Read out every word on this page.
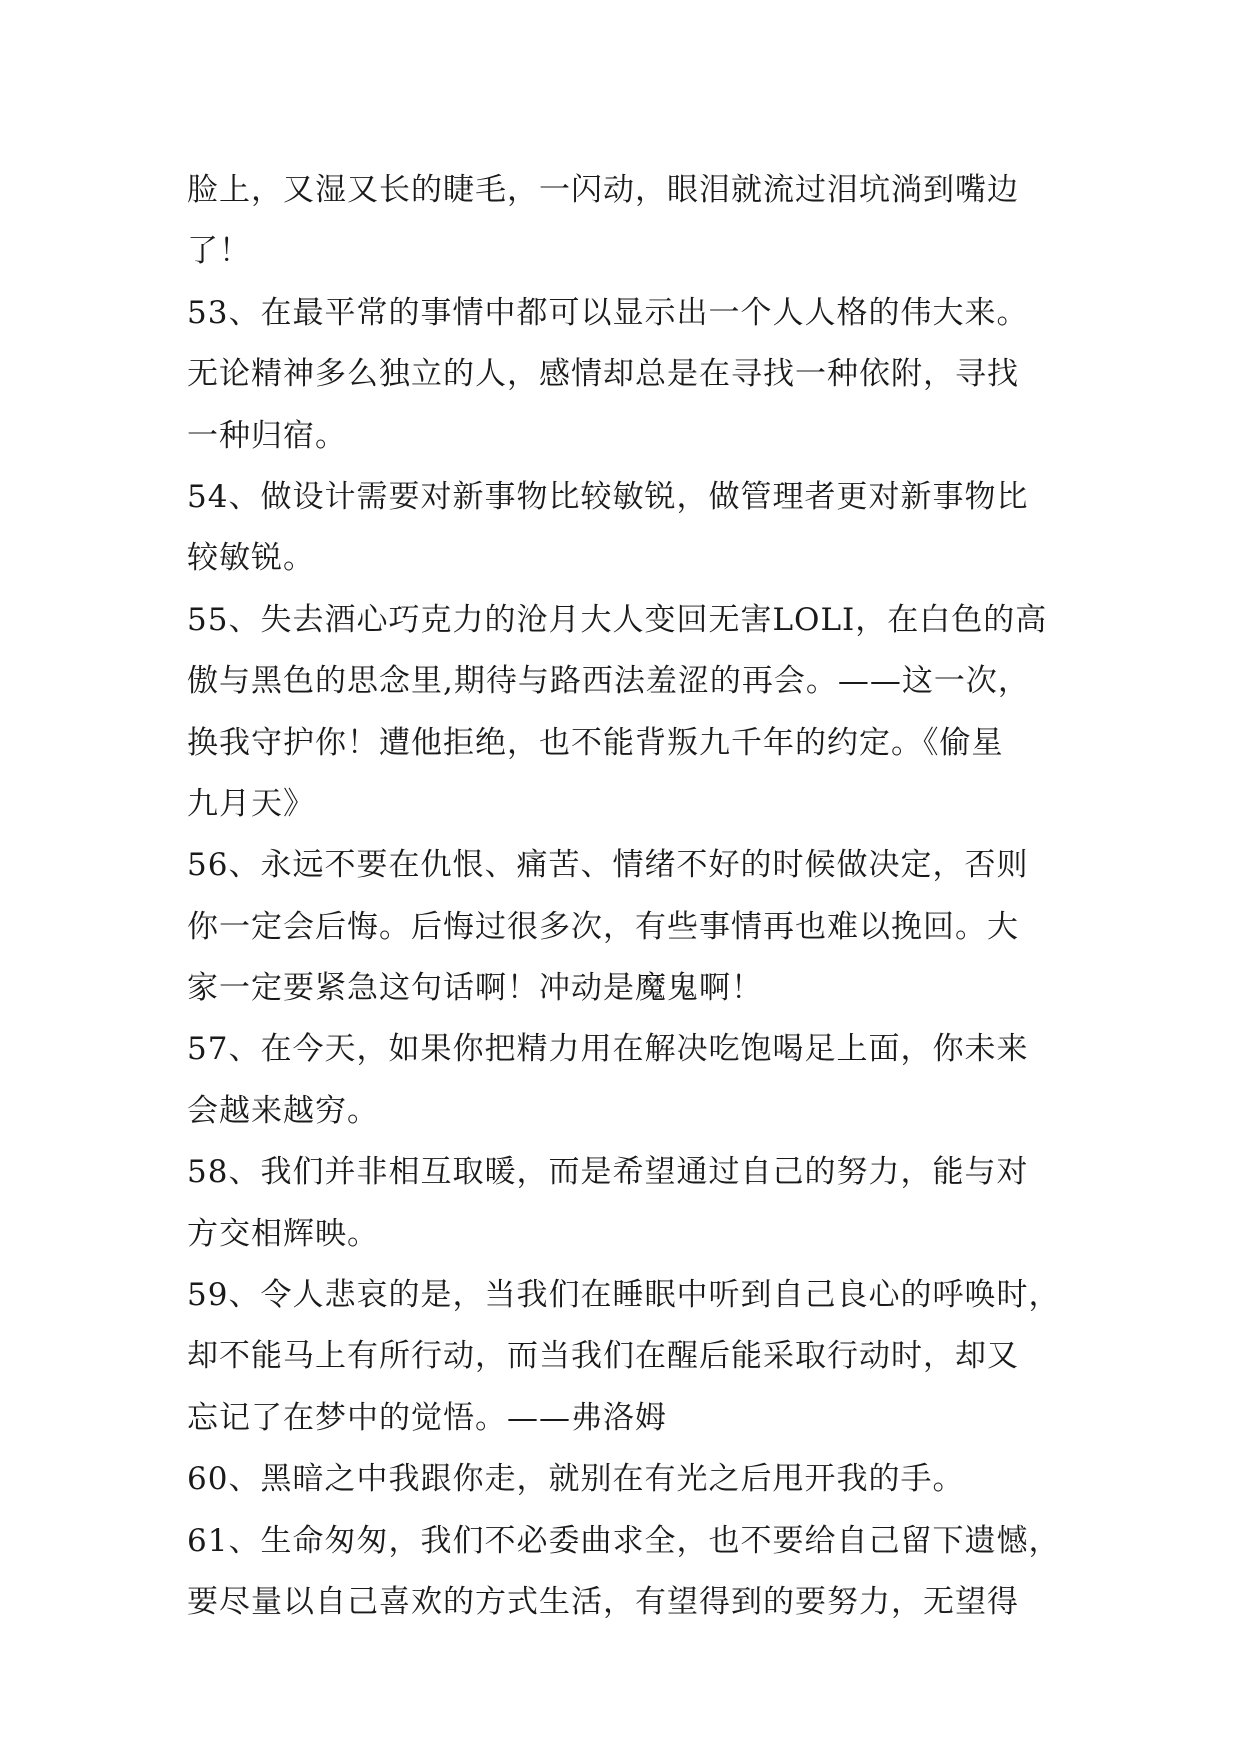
脸上，又湿又长的睫毛，一闪动，眼泪就流过泪坑淌到嘴边
了！
53、在最平常的事情中都可以显示出一个人人格的伟大来。
无论精神多么独立的人，感情却总是在寻找一种依附，寻找
一种归宿。
54、做设计需要对新事物比较敏锐，做管理者更对新事物比
较敏锐。
55、失去酒心巧克力的沧月大人变回无害LOLI，在白色的高
傲与黑色的思念里,期待与路西法羞涩的再会。——这一次，
换我守护你！遭他拒绝，也不能背叛九千年的约定。《偷星
九月天》
56、永远不要在仇恨、痛苦、情绪不好的时候做决定，否则
你一定会后悔。后悔过很多次，有些事情再也难以挽回。大
家一定要紧急这句话啊！冲动是魔鬼啊！
57、在今天，如果你把精力用在解决吃饱喝足上面，你未来
会越来越穷。
58、我们并非相互取暖，而是希望通过自己的努力，能与对
方交相辉映。
59、令人悲哀的是，当我们在睡眠中听到自己良心的呼唤时，
却不能马上有所行动，而当我们在醒后能采取行动时，却又
忘记了在梦中的觉悟。——弗洛姆
60、黑暗之中我跟你走，就别在有光之后甩开我的手。
61、生命匆匆，我们不必委曲求全，也不要给自己留下遗憾，
要尽量以自己喜欢的方式生活，有望得到的要努力，无望得
